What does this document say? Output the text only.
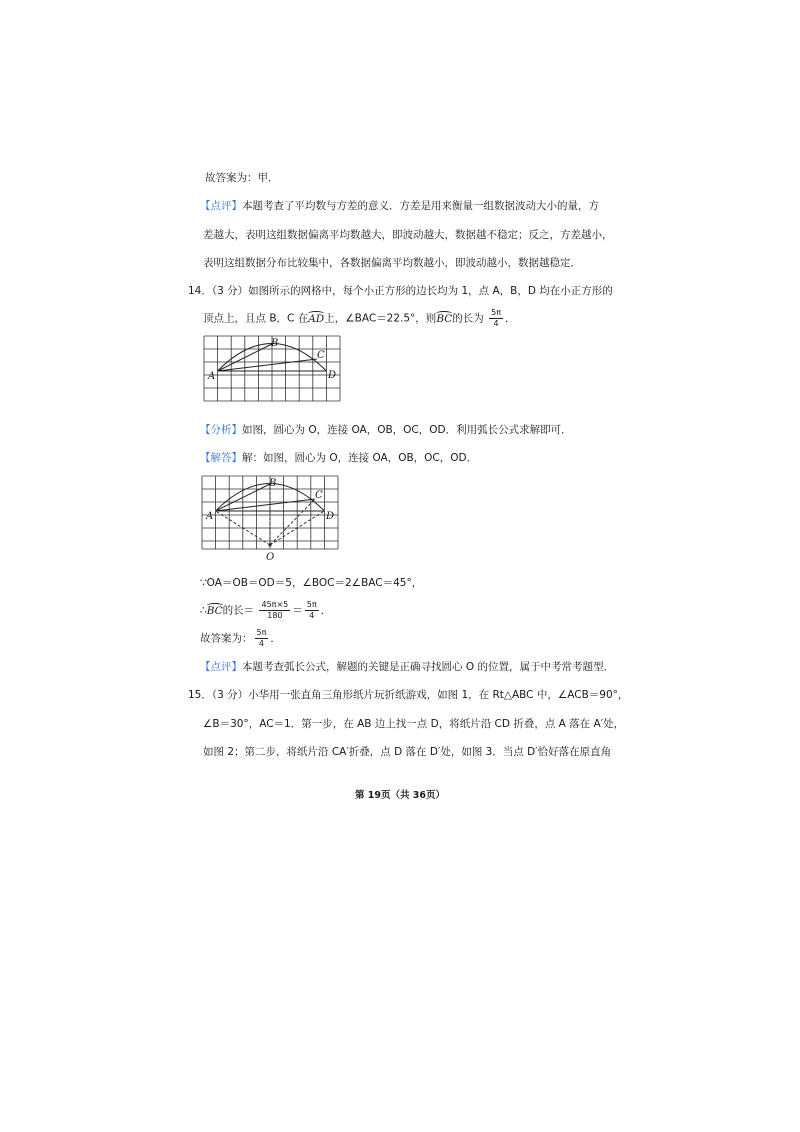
故答案为：甲．
【点评】本题考查了平均数与方差的意义．方差是用来衡量一组数据波动大小的量，方
差越大，表明这组数据偏离平均数越大，即波动越大，数据越不稳定；反之，方差越小，
表明这组数据分布比较集中，各数据偏离平均数越小，即波动越小，数据越稳定．
14．（3 分）如图所示的网格中，每个小正方形的边长均为 1，点 A，B，D 均在小正方形的
顶点上，且点 B，C 在AD上，∠BAC＝22.5°，则BC的长为 $\frac{5\pi}{4}$ ．
A
B
C
D
【分析】如图，圆心为 O，连接 OA，OB，OC，OD．利用弧长公式求解即可．
【解答】解：如图，圆心为 O，连接 OA，OB，OC，OD．
A
B
C
D
O
∵OA＝OB＝OD＝5，∠BOC＝2∠BAC＝45°，
∴BC的长＝ $\frac{45\pi\times 5}{180} = \frac{5\pi}{4}$ ．
故答案为： $\frac{5\pi}{4}$ ．
【点评】本题考查弧长公式，解题的关键是正确寻找圆心 O 的位置，属于中考常考题型．
15．（3 分）小华用一张直角三角形纸片玩折纸游戏，如图 1，在 Rt△ABC 中，∠ACB＝90°，
∠B＝30°，AC＝1．第一步，在 AB 边上找一点 D，将纸片沿 CD 折叠，点 A 落在 A′处，
如图 2；第二步，将纸片沿 CA′折叠，点 D 落在 D′处，如图 3．当点 D′恰好落在原直角
第 19页（共 36页）
